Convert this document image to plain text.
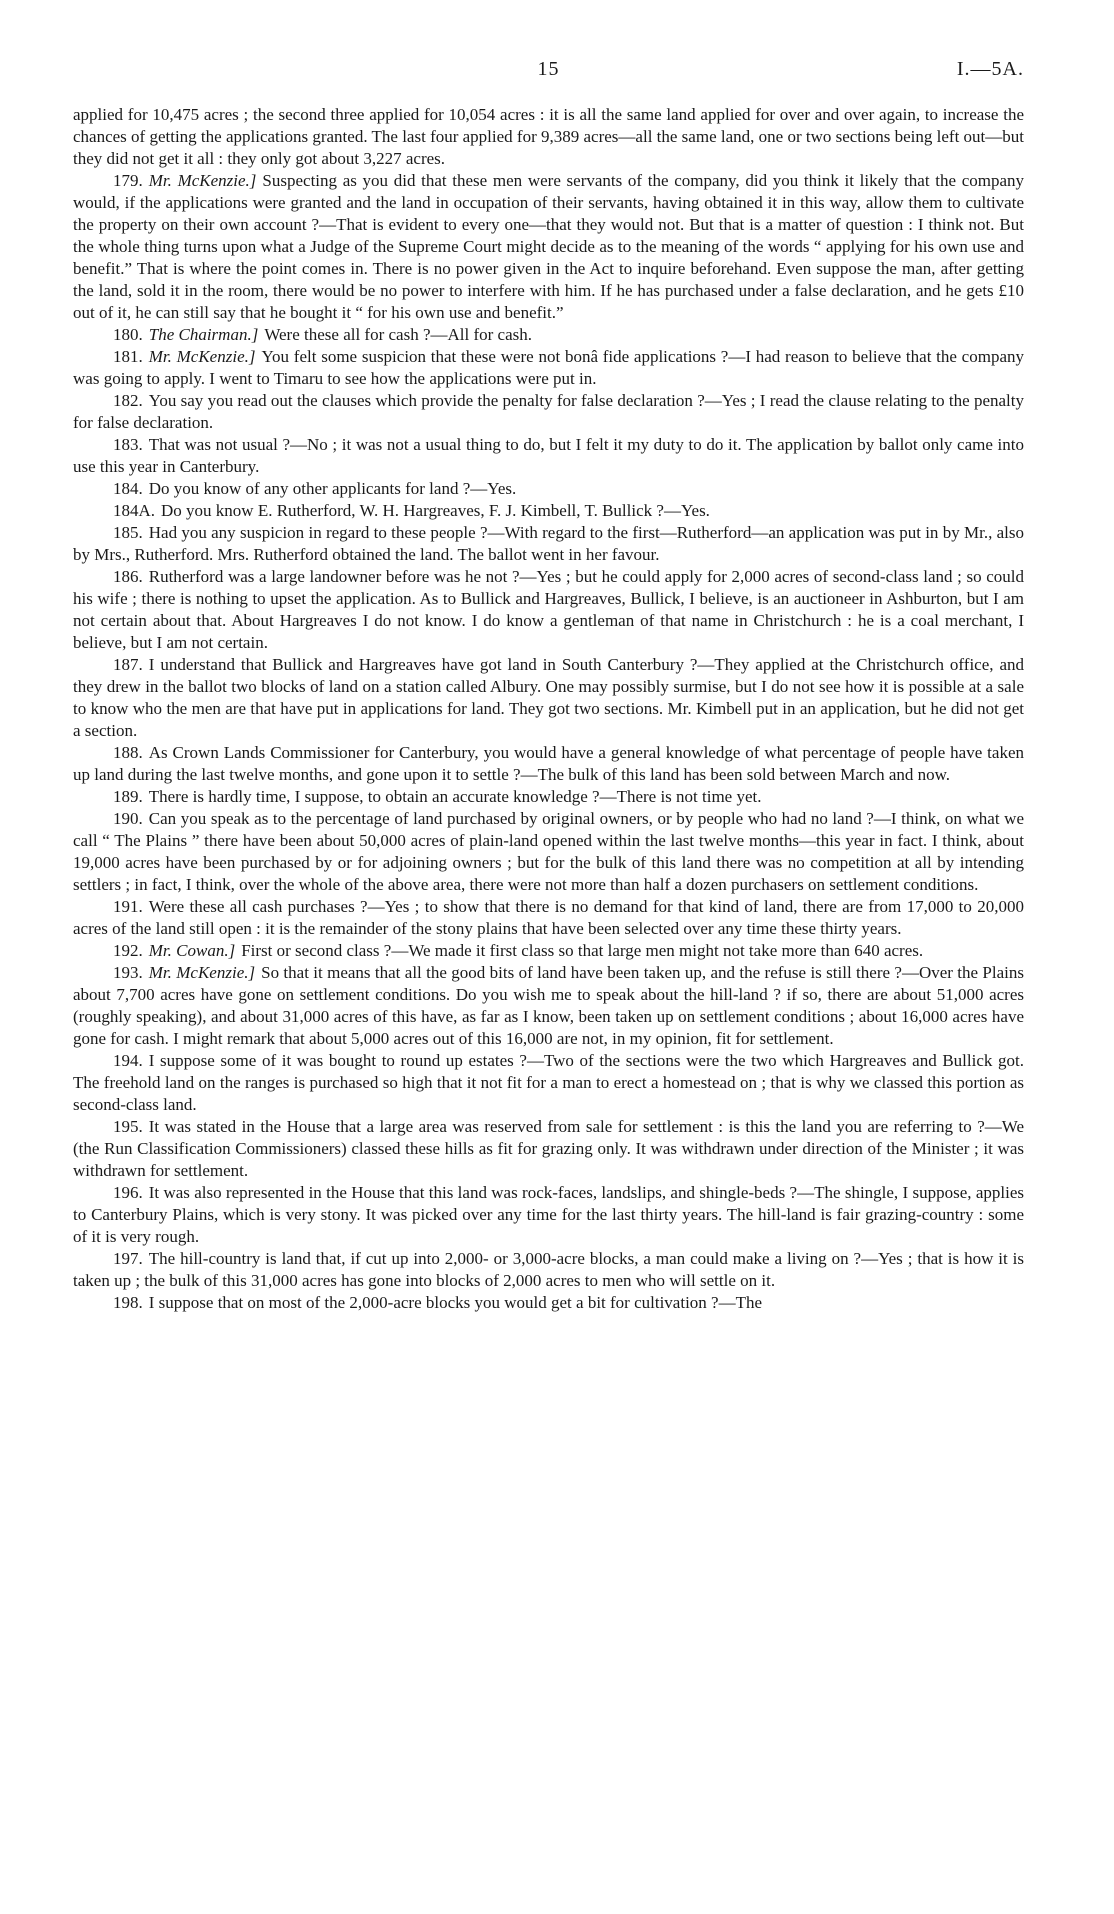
15	I.—5A.

applied for 10,475 acres ; the second three applied for 10,054 acres : it is all the same land applied for over and over again, to increase the chances of getting the applications granted. The last four applied for 9,389 acres—all the same land, one or two sections being left out—but they did not get it all : they only got about 3,227 acres.

179. Mr. McKenzie.] Suspecting as you did that these men were servants of the company, did you think it likely that the company would, if the applications were granted and the land in occupation of their servants, having obtained it in this way, allow them to cultivate the property on their own account ?—That is evident to every one—that they would not. But that is a matter of question : I think not. But the whole thing turns upon what a Judge of the Supreme Court might decide as to the meaning of the words “ applying for his own use and benefit.” That is where the point comes in. There is no power given in the Act to inquire beforehand. Even suppose the man, after getting the land, sold it in the room, there would be no power to interfere with him. If he has purchased under a false declaration, and he gets £10 out of it, he can still say that he bought it “ for his own use and benefit.”

180. The Chairman.] Were these all for cash ?—All for cash.

181. Mr. McKenzie.] You felt some suspicion that these were not bonâ fide applications ?—I had reason to believe that the company was going to apply. I went to Timaru to see how the applications were put in.

182. You say you read out the clauses which provide the penalty for false declaration ?—Yes ; I read the clause relating to the penalty for false declaration.

183. That was not usual ?—No ; it was not a usual thing to do, but I felt it my duty to do it. The application by ballot only came into use this year in Canterbury.

184. Do you know of any other applicants for land ?—Yes.

184A. Do you know E. Rutherford, W. H. Hargreaves, F. J. Kimbell, T. Bullick ?—Yes.

185. Had you any suspicion in regard to these people ?—With regard to the first—Rutherford—an application was put in by Mr., also by Mrs., Rutherford. Mrs. Rutherford obtained the land. The ballot went in her favour.

186. Rutherford was a large landowner before was he not ?—Yes ; but he could apply for 2,000 acres of second-class land ; so could his wife ; there is nothing to upset the application. As to Bullick and Hargreaves, Bullick, I believe, is an auctioneer in Ashburton, but I am not certain about that. About Hargreaves I do not know. I do know a gentleman of that name in Christchurch : he is a coal merchant, I believe, but I am not certain.

187. I understand that Bullick and Hargreaves have got land in South Canterbury ?—They applied at the Christchurch office, and they drew in the ballot two blocks of land on a station called Albury. One may possibly surmise, but I do not see how it is possible at a sale to know who the men are that have put in applications for land. They got two sections. Mr. Kimbell put in an application, but he did not get a section.

188. As Crown Lands Commissioner for Canterbury, you would have a general knowledge of what percentage of people have taken up land during the last twelve months, and gone upon it to settle ?—The bulk of this land has been sold between March and now.

189. There is hardly time, I suppose, to obtain an accurate knowledge ?—There is not time yet.

190. Can you speak as to the percentage of land purchased by original owners, or by people who had no land ?—I think, on what we call “ The Plains ” there have been about 50,000 acres of plain-land opened within the last twelve months—this year in fact. I think, about 19,000 acres have been purchased by or for adjoining owners ; but for the bulk of this land there was no competition at all by intending settlers ; in fact, I think, over the whole of the above area, there were not more than half a dozen purchasers on settlement conditions.

191. Were these all cash purchases ?—Yes ; to show that there is no demand for that kind of land, there are from 17,000 to 20,000 acres of the land still open : it is the remainder of the stony plains that have been selected over any time these thirty years.

192. Mr. Cowan.] First or second class ?—We made it first class so that large men might not take more than 640 acres.

193. Mr. McKenzie.] So that it means that all the good bits of land have been taken up, and the refuse is still there ?—Over the Plains about 7,700 acres have gone on settlement conditions. Do you wish me to speak about the hill-land ? if so, there are about 51,000 acres (roughly speaking), and about 31,000 acres of this have, as far as I know, been taken up on settlement conditions ; about 16,000 acres have gone for cash. I might remark that about 5,000 acres out of this 16,000 are not, in my opinion, fit for settlement.

194. I suppose some of it was bought to round up estates ?—Two of the sections were the two which Hargreaves and Bullick got. The freehold land on the ranges is purchased so high that it not fit for a man to erect a homestead on ; that is why we classed this portion as second-class land.

195. It was stated in the House that a large area was reserved from sale for settlement : is this the land you are referring to ?—We (the Run Classification Commissioners) classed these hills as fit for grazing only. It was withdrawn under direction of the Minister ; it was withdrawn for settlement.

196. It was also represented in the House that this land was rock-faces, landslips, and shingle-beds ?—The shingle, I suppose, applies to Canterbury Plains, which is very stony. It was picked over any time for the last thirty years. The hill-land is fair grazing-country : some of it is very rough.

197. The hill-country is land that, if cut up into 2,000- or 3,000-acre blocks, a man could make a living on ?—Yes ; that is how it is taken up ; the bulk of this 31,000 acres has gone into blocks of 2,000 acres to men who will settle on it.

198. I suppose that on most of the 2,000-acre blocks you would get a bit for cultivation ?—The
